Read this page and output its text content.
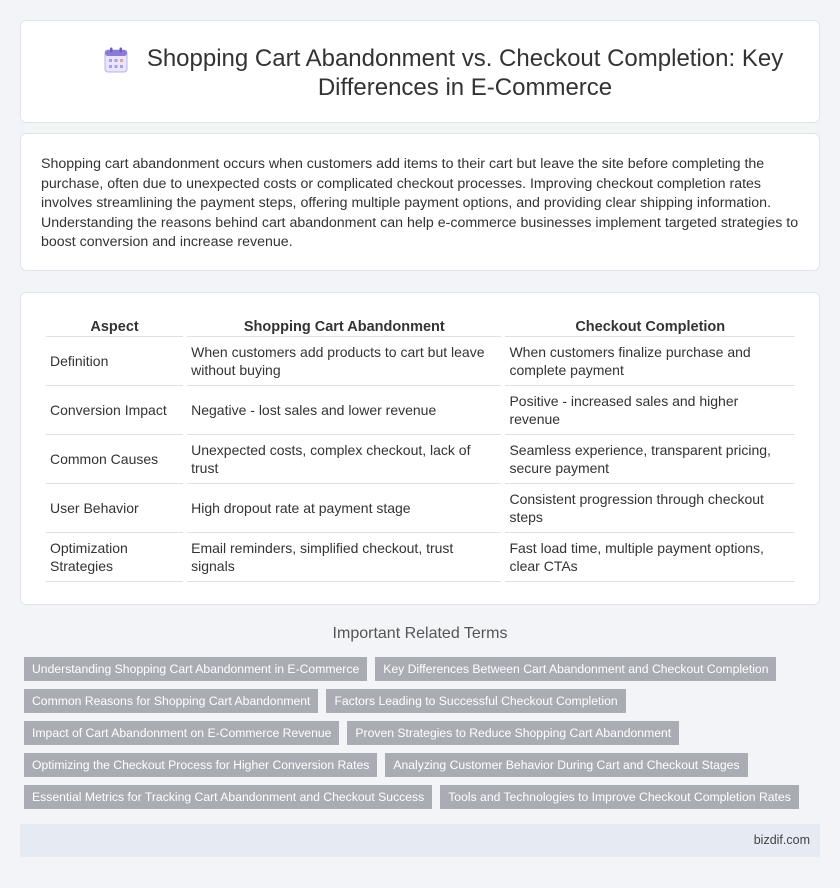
Shopping Cart Abandonment vs. Checkout Completion: Key Differences in E-Commerce

Shopping cart abandonment occurs when customers add items to their cart but leave the site before completing the purchase, often due to unexpected costs or complicated checkout processes. Improving checkout completion rates involves streamlining the payment steps, offering multiple payment options, and providing clear shipping information. Understanding the reasons behind cart abandonment can help e-commerce businesses implement targeted strategies to boost conversion and increase revenue.

Aspect	Shopping Cart Abandonment	Checkout Completion
Definition	When customers add products to cart but leave without buying	When customers finalize purchase and complete payment
Conversion Impact	Negative - lost sales and lower revenue	Positive - increased sales and higher revenue
Common Causes	Unexpected costs, complex checkout, lack of trust	Seamless experience, transparent pricing, secure payment
User Behavior	High dropout rate at payment stage	Consistent progression through checkout steps
Optimization Strategies	Email reminders, simplified checkout, trust signals	Fast load time, multiple payment options, clear CTAs
Important Related Terms
Understanding Shopping Cart Abandonment in E-Commerce	Key Differences Between Cart Abandonment and Checkout Completion
Common Reasons for Shopping Cart Abandonment	Factors Leading to Successful Checkout Completion
Impact of Cart Abandonment on E-Commerce Revenue	Proven Strategies to Reduce Shopping Cart Abandonment
Optimizing the Checkout Process for Higher Conversion Rates	Analyzing Customer Behavior During Cart and Checkout Stages
Essential Metrics for Tracking Cart Abandonment and Checkout Success	Tools and Technologies to Improve Checkout Completion Rates
bizdif.com
